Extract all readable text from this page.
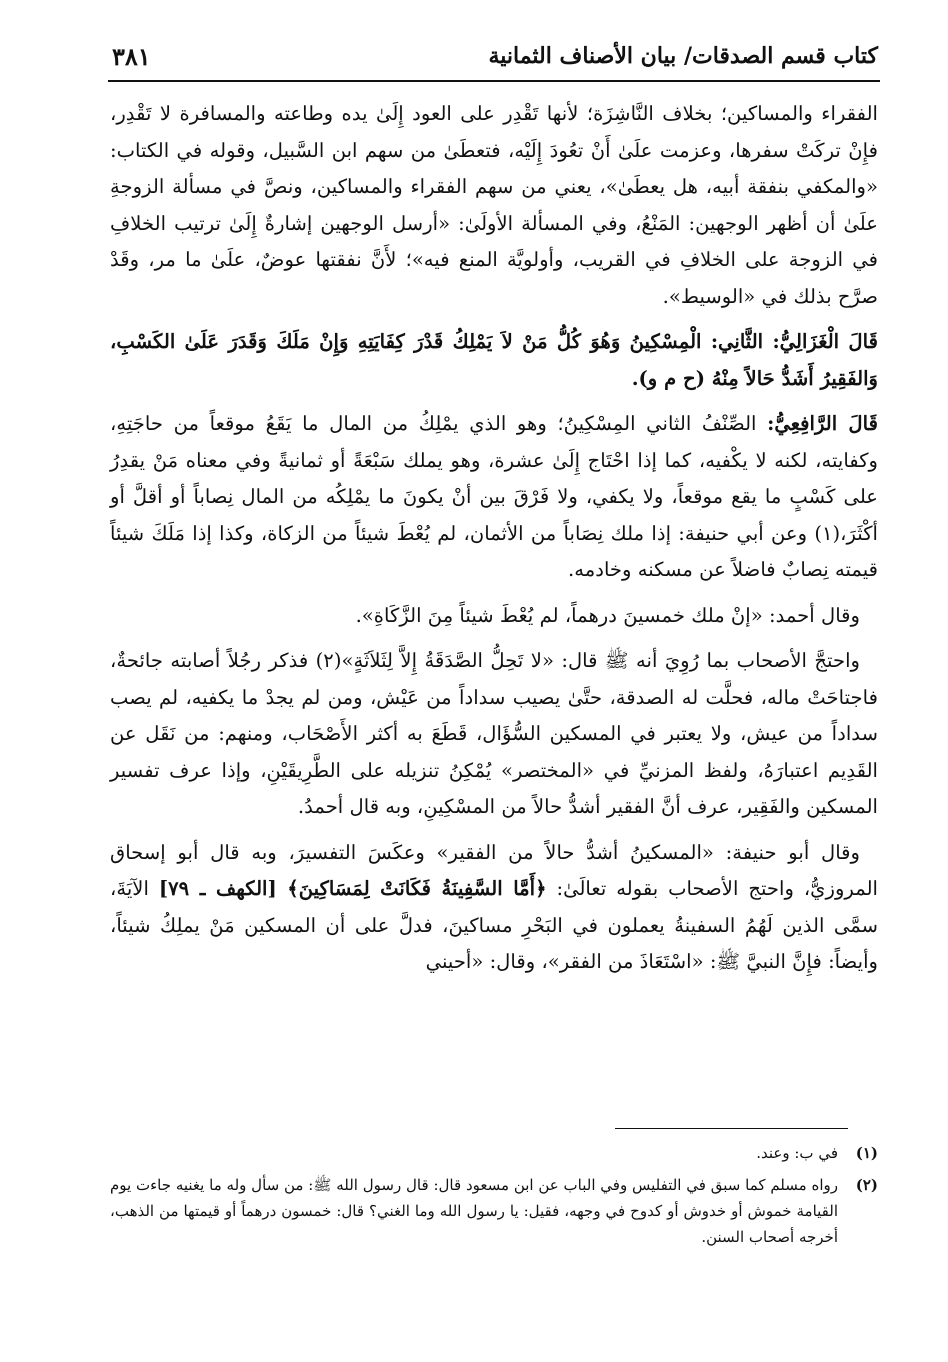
كتاب قسم الصدقات/ بيان الأصناف الثمانية
٣٨١

الفقراء والمساكين؛ بخلاف النَّاشِزَة؛ لأنها تَقْدِر على العود إِلَىٰ يده وطاعته والمسافرة لا تَقْدِر، فإِنْ تركَتْ سفرها، وعزمت علَىٰ أَنْ تعُودَ إِلَيْه، فتعطَىٰ من سهم ابن السَّبيل، وقوله في الكتاب: «والمكفي بنفقة أبيه، هل يعطَىٰ»، يعني من سهم الفقراء والمساكين، ونصَّ في مسألة الزوجةِ علَىٰ أن أظهر الوجهين: المَنْعُ، وفي المسألة الأولَىٰ: «أرسل الوجهين إشارةٌ إِلَىٰ ترتيب الخلافِ في الزوجة على الخلافِ في القريب، وأولويَّة المنع فيه»؛ لأَنَّ نفقتها عوضٌ، علَىٰ ما مر، وقَدْ صرَّح بذلك في «الوسيط».

قَالَ الْغَزَالِيُّ: الثَّانِي: الْمِسْكِينُ وَهُوَ كُلُّ مَنْ لاَ يَمْلِكُ قَدْرَ كِفَايَتِهِ وَإِنْ مَلَكَ وَقَدَرَ عَلَىٰ الكَسْبِ، وَالفَقِيرُ أَشَدُّ حَالاً مِنْهُ (ح م و).

قَالَ الرَّافِعِيُّ: الصِّنْفُ الثاني المِسْكِينُ؛ وهو الذي يمْلِكُ من المال ما يَقَعُ موقعاً من حاجَتِهِ، وكفايته، لكنه لا يكْفيه، كما إذا احْتَاج إِلَىٰ عشرة، وهو يملك سَبْعَةً أو ثمانيةً وفي معناه مَنْ يقدِرُ على كَسْبٍ ما يقع موقعاً، ولا يكفي، ولا فَرْقَ بين أنْ يكونَ ما يمْلِكُه من المال نِصاباً أو أقلَّ أو أكْثَرَ،(١) وعن أبي حنيفة: إذا ملك نِصَاباً من الأثمان، لم يُعْطَ شيئاً من الزكاة، وكذا إذا مَلَكَ شيئاً قيمته نِصابٌ فاضلاً عن مسكنه وخادمه.

وقال أحمد: «إنْ ملك خمسينَ درهماً، لم يُعْطَ شيئاً مِنَ الزَّكَاةِ».

واحتجَّ الأصحاب بما رُوِيَ أنه ﷺ قال: «لا تَحِلُّ الصَّدَقَةُ إِلاَّ لِثَلاَثَةٍ»(٢) فذكر رجُلاً أصابته جائحةٌ، فاجتاحَتْ ماله، فحلَّت له الصدقة، حتَّىٰ يصيب سداداً من عَيْش، ومن لم يجدْ ما يكفيه، لم يصب سداداً من عيش، ولا يعتبر في المسكين السُّؤَال، قَطَعَ به أكثر الأَصْحَاب، ومنهم: من نَقَل عن القَدِيم اعتبارَهُ، ولفظ المزنيِّ في «المختصر» يُمْكِنُ تنزيله على الطَّرِيقَيْنِ، وإذا عرف تفسير المسكين والفَقِير، عرف أنَّ الفقير أشدُّ حالاً من المسْكِينِ، وبه قال أحمدُ.

وقال أبو حنيفة: «المسكينُ أشدُّ حالاً من الفقير» وعكَسَ التفسيرَ، وبه قال أبو إسحاق المروزيُّ، واحتج الأصحاب بقوله تعالَىٰ: ﴿أَمَّا السَّفِينَةُ فَكَانَتْ لِمَسَاكِينَ﴾ [الكهف ـ ٧٩] الآيَةَ، سمَّى الذين لَهُمُ السفينةُ يعملون في البَحْرِ مساكينَ، فدلَّ على أن المسكين مَنْ يملِكُ شيئاً، وأيضاً: فإِنَّ النبيَّ ﷺ: «اسْتَعَاذَ من الفقر»، وقال: «أحيني

(١)
في ب: وعند.
(٢)
رواه مسلم كما سبق في التفليس وفي الباب عن ابن مسعود قال: قال رسول الله ﷺ: من سأل وله ما يغنيه جاءت يوم القيامة خموش أو خدوش أو كدوح في وجهه، فقيل: يا رسول الله وما الغني؟ قال: خمسون درهماً أو قيمتها من الذهب، أخرجه أصحاب السنن.
